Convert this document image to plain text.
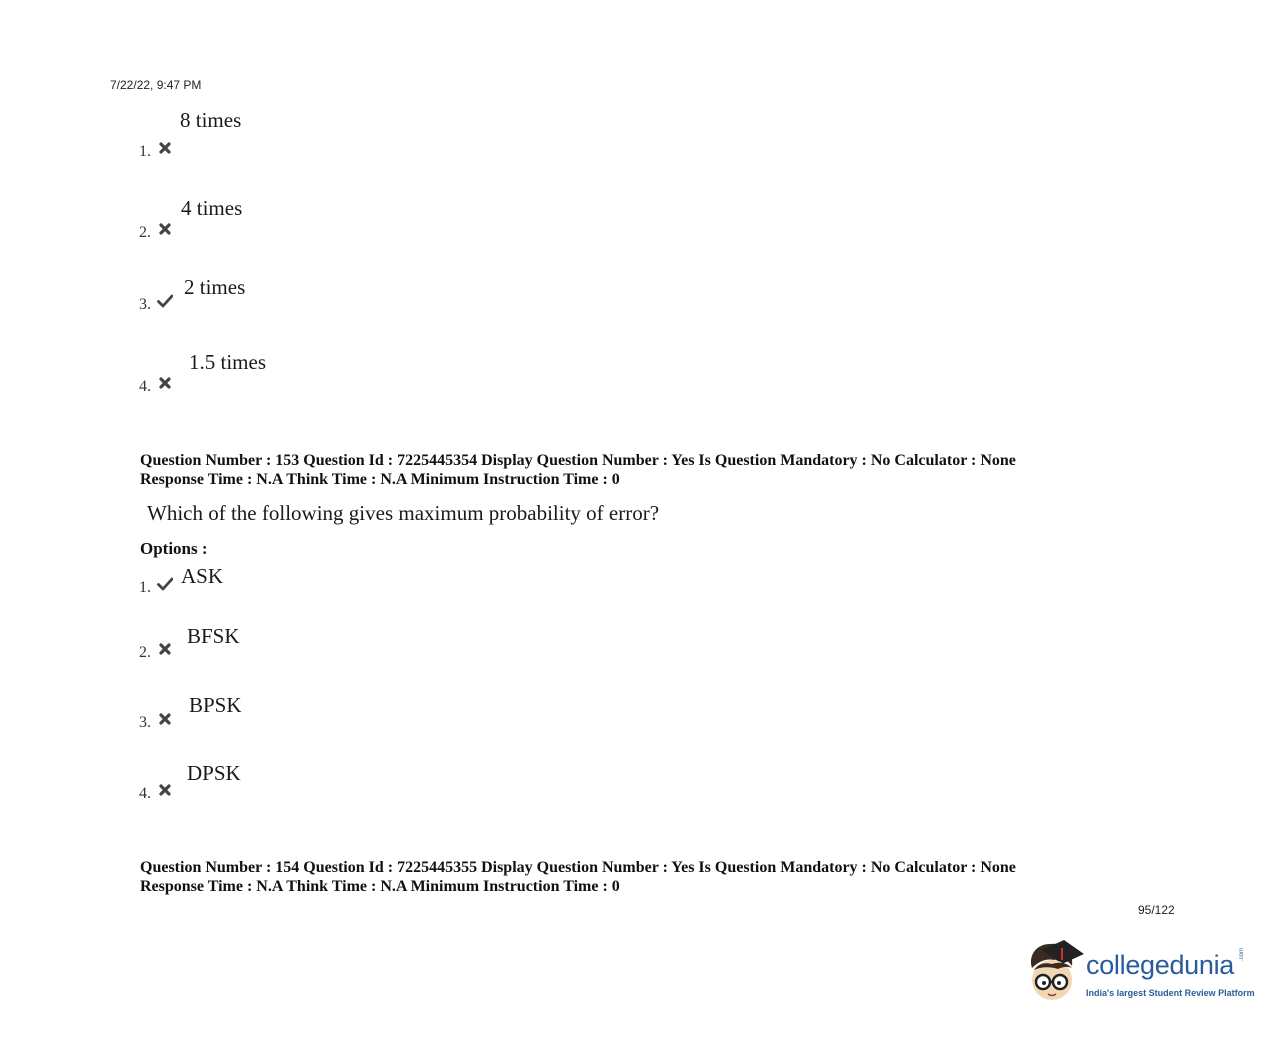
7/22/22, 9:47 PM
8 times
1.
4 times
2.
2 times
3.
1.5 times
4.
Question Number : 153 Question Id : 7225445354 Display Question Number : Yes Is Question Mandatory : No Calculator : None
Response Time : N.A Think Time : N.A Minimum Instruction Time : 0
Which of the following gives maximum probability of error?
Options :
1. ASK
BFSK
2.
BPSK
3.
DPSK
4.
Question Number : 154 Question Id : 7225445355 Display Question Number : Yes Is Question Mandatory : No Calculator : None
Response Time : N.A Think Time : N.A Minimum Instruction Time : 0
95/122
collegedunia .com
India's largest Student Review Platform
